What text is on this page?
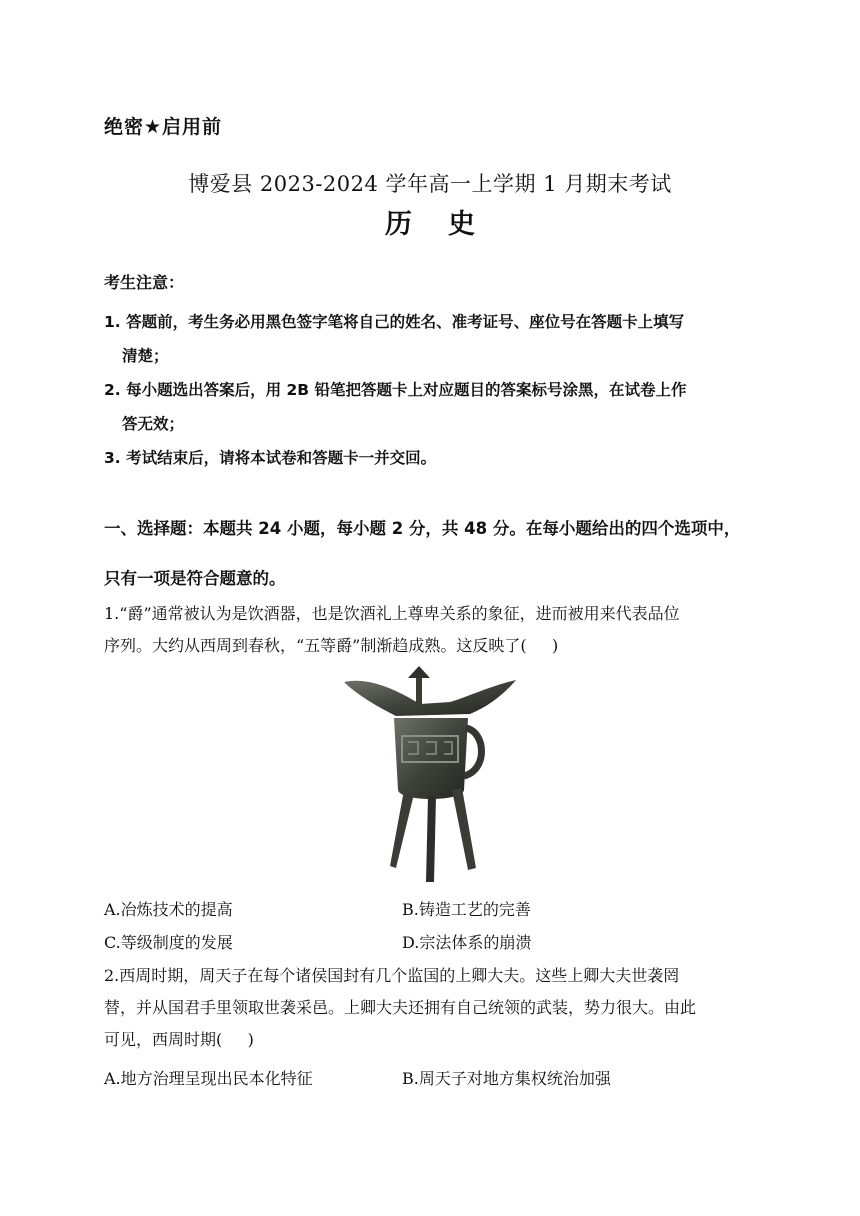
绝密★启用前
博爱县 2023-2024 学年高一上学期 1 月期末考试
历 史
考生注意：
1. 答题前，考生务必用黑色签字笔将自己的姓名、准考证号、座位号在答题卡上填写
清楚；
2. 每小题选出答案后，用 2B 铅笔把答题卡上对应题目的答案标号涂黑，在试卷上作
答无效；
3. 考试结束后，请将本试卷和答题卡一并交回。
一、选择题：本题共 24 小题，每小题 2 分，共 48 分。在每小题给出的四个选项中，
只有一项是符合题意的。
1.“爵”通常被认为是饮酒器，也是饮酒礼上尊卑关系的象征，进而被用来代表品位
序列。大约从西周到春秋，“五等爵”制渐趋成熟。这反映了(     )
A.冶炼技术的提高	B.铸造工艺的完善
C.等级制度的发展	D.宗法体系的崩溃
2.西周时期，周天子在每个诸侯国封有几个监国的上卿大夫。这些上卿大夫世袭罔
替，并从国君手里领取世袭采邑。上卿大夫还拥有自己统领的武装，势力很大。由此
可见，西周时期(     )
A.地方治理呈现出民本化特征	B.周天子对地方集权统治加强
